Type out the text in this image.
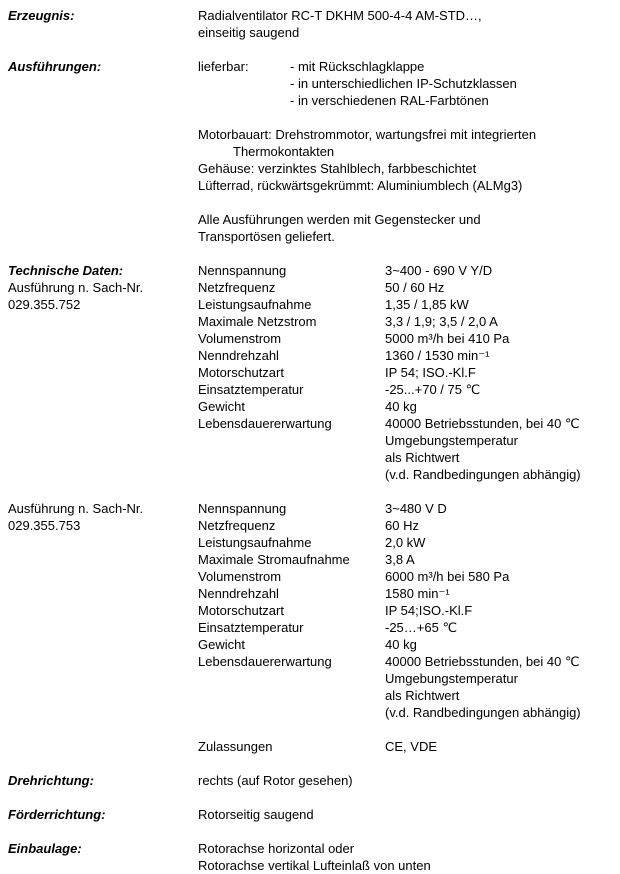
Erzeugnis:	Radialventilator RC-T DKHM 500-4-4 AM-STD…,
einseitig saugend
Ausführungen:	lieferbar:	- mit Rückschlagklappe
- in unterschiedlichen IP-Schutzklassen
- in verschiedenen RAL-Farbtönen
Motorbauart: Drehstrommotor, wartungsfrei mit integrierten
Thermokontakten
Gehäuse: verzinktes Stahlblech, farbbeschichtet
Lüfterrad, rückwärtsgekrümmt: Aluminiumblech (ALMg3)
Alle Ausführungen werden mit Gegenstecker und
Transportösen geliefert.
Technische Daten:
Ausführung n. Sach-Nr.
029.355.752
Nennspannung	3~400 - 690 V Y/D
Netzfrequenz	50 / 60 Hz
Leistungsaufnahme	1,35 / 1,85 kW
Maximale Netzstrom	3,3 / 1,9; 3,5 / 2,0 A
Volumenstrom	5000 m³/h bei 410 Pa
Nenndrehzahl	1360 / 1530 min⁻¹
Motorschutzart	IP 54; ISO.-Kl.F
Einsatztemperatur	-25...+70 / 75 ℃
Gewicht	40 kg
Lebensdauererwartung	40000 Betriebsstunden, bei 40 ℃
Umgebungstemperatur
als Richtwert
(v.d. Randbedingungen abhängig)
Ausführung n. Sach-Nr.
029.355.753
Nennspannung	3~480 V D
Netzfrequenz	60 Hz
Leistungsaufnahme	2,0 kW
Maximale Stromaufnahme	3,8 A
Volumenstrom	6000 m³/h bei 580 Pa
Nenndrehzahl	1580 min⁻¹
Motorschutzart	IP 54;ISO.-Kl.F
Einsatztemperatur	-25…+65 ℃
Gewicht	40 kg
Lebensdauererwartung	40000 Betriebsstunden, bei 40 ℃
Umgebungstemperatur
als Richtwert
(v.d. Randbedingungen abhängig)
Zulassungen	CE, VDE
Drehrichtung:	rechts (auf Rotor gesehen)
Förderrichtung:	Rotorseitig saugend
Einbaulage:	Rotorachse horizontal oder
Rotorachse vertikal Lufteinlaß von unten
